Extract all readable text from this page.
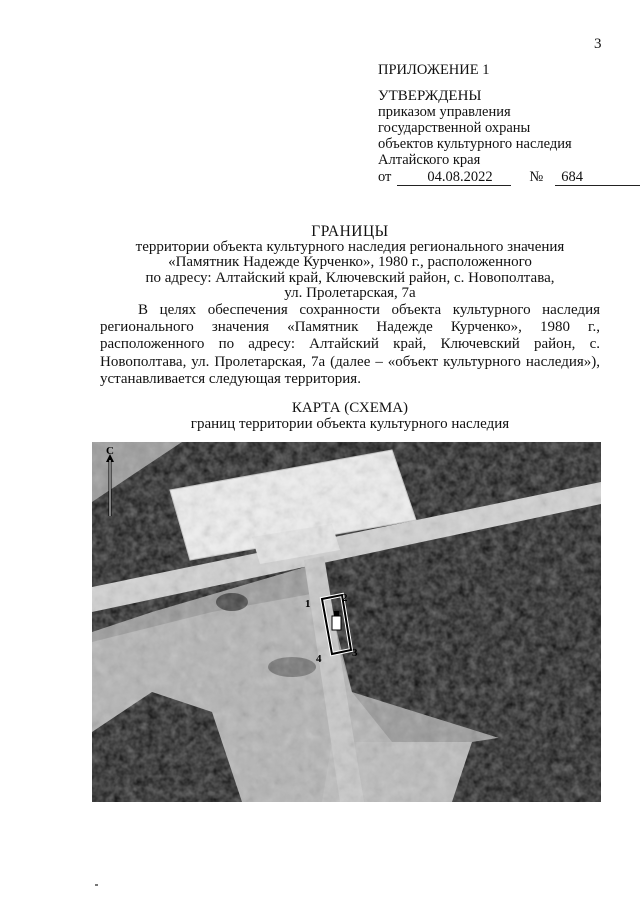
3
ПРИЛОЖЕНИЕ 1
УТВЕРЖДЕНЫ
приказом управления
государственной охраны
объектов культурного наследия
Алтайского края
от	04.08.2022	№	684
ГРАНИЦЫ
территории объекта культурного наследия регионального значения
«Памятник Надежде Курченко», 1980 г., расположенного
по адресу: Алтайский край, Ключевский район, с. Новополтава,
ул. Пролетарская, 7а
В целях обеспечения сохранности объекта культурного наследия регионального значения «Памятник Надежде Курченко», 1980 г., расположенного по адресу: Алтайский край, Ключевский район, с. Новополтава, ул. Пролетарская, 7а (далее – «объект культурного наследия»), устанавливается следующая территория.
КАРТА (СХЕМА)
границ территории объекта культурного наследия
С
1	2
3
4
